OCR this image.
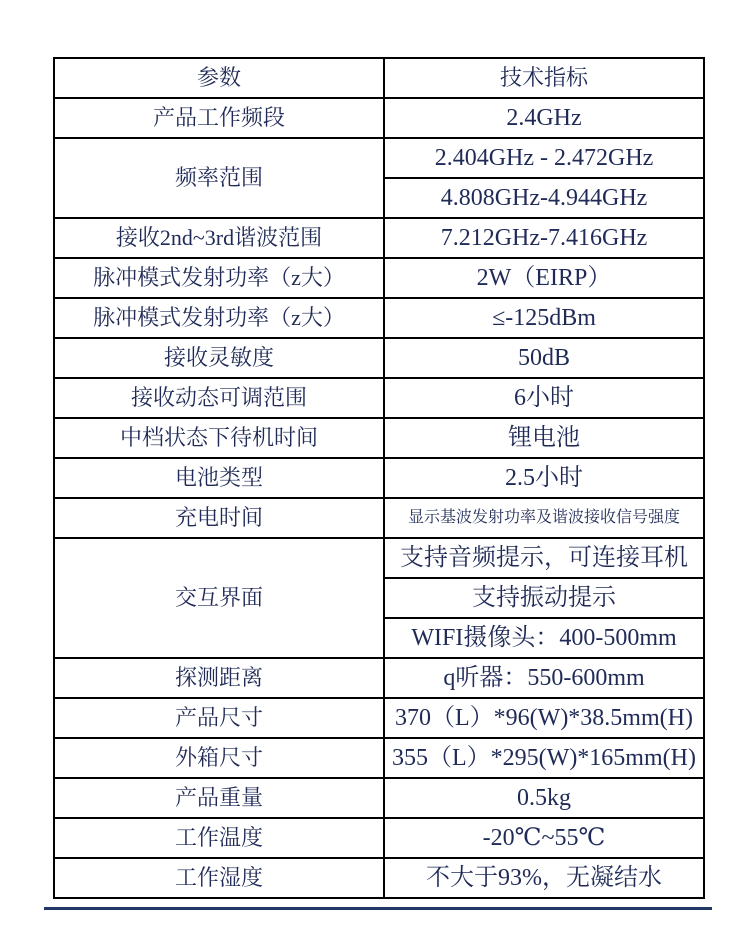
参数	技术指标
产品工作频段	2.4GHz
频率范围	2.404GHz - 2.472GHz
	4.808GHz-4.944GHz
接收2nd~3rd谐波范围	7.212GHz-7.416GHz
脉冲模式发射功率（z大）	2W（EIRP）
脉冲模式发射功率（z大）	≤-125dBm
接收灵敏度	50dB
接收动态可调范围	6小时
中档状态下待机时间	锂电池
电池类型	2.5小时
充电时间	显示基波发射功率及谐波接收信号强度
交互界面	支持音频提示，可连接耳机
	支持振动提示
	WIFI摄像头：400-500mm
探测距离	q听器：550-600mm
产品尺寸	370（L）*96(W)*38.5mm(H)
外箱尺寸	355（L）*295(W)*165mm(H)
产品重量	0.5kg
工作温度	-20℃~55℃
工作湿度	不大于93%，无凝结水
